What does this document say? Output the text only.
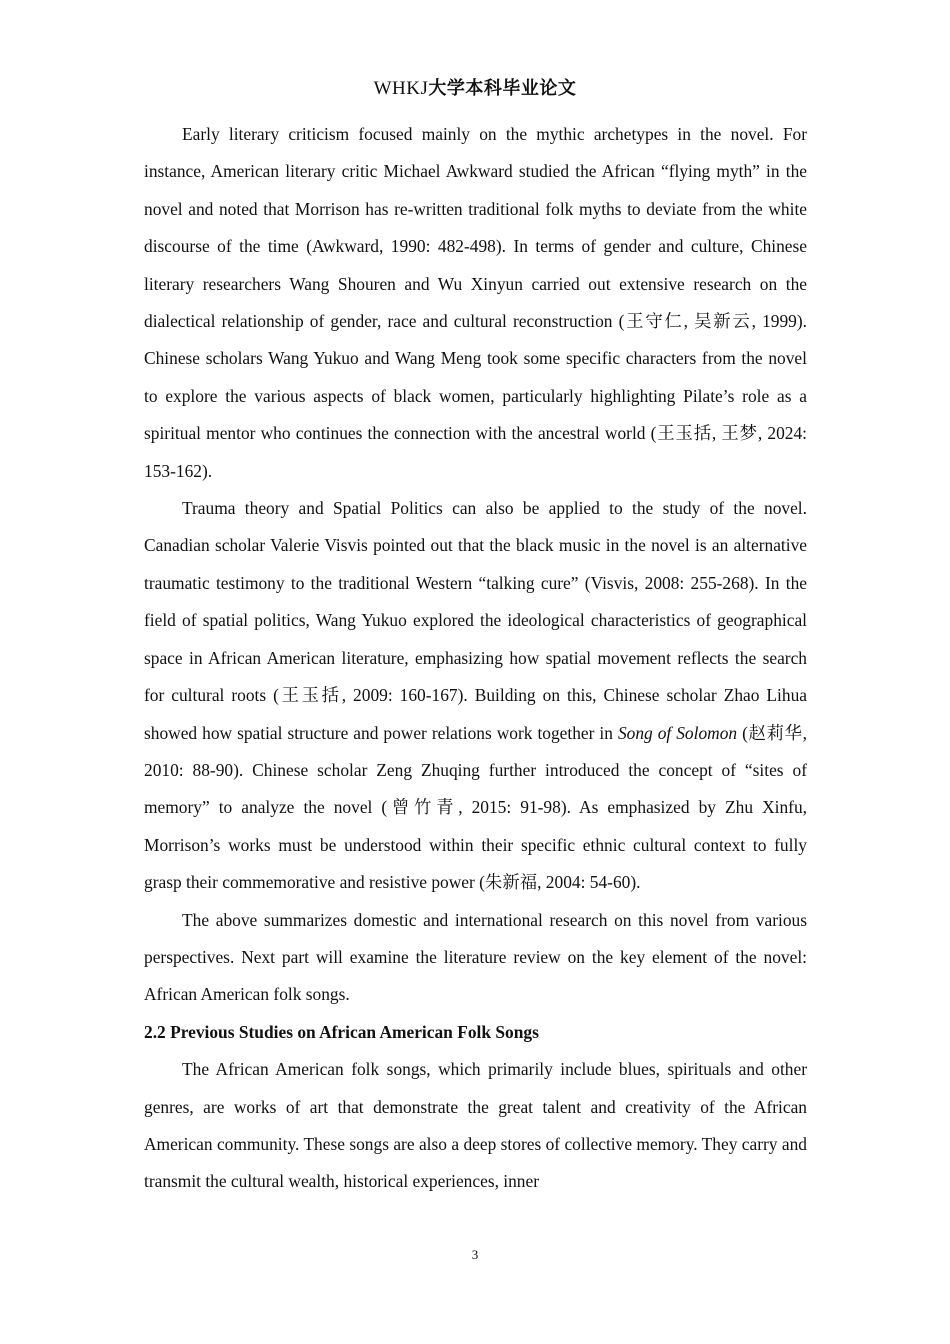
WHKJ大学本科毕业论文

Early literary criticism focused mainly on the mythic archetypes in the novel. For instance, American literary critic Michael Awkward studied the African “flying myth” in the novel and noted that Morrison has re-written traditional folk myths to deviate from the white discourse of the time (Awkward, 1990: 482-498). In terms of gender and culture, Chinese literary researchers Wang Shouren and Wu Xinyun carried out extensive research on the dialectical relationship of gender, race and cultural reconstruction (王守仁, 吴新云, 1999). Chinese scholars Wang Yukuo and Wang Meng took some specific characters from the novel to explore the various aspects of black women, particularly highlighting Pilate’s role as a spiritual mentor who continues the connection with the ancestral world (王玉括, 王梦, 2024: 153-162).

Trauma theory and Spatial Politics can also be applied to the study of the novel. Canadian scholar Valerie Visvis pointed out that the black music in the novel is an alternative traumatic testimony to the traditional Western “talking cure” (Visvis, 2008: 255-268). In the field of spatial politics, Wang Yukuo explored the ideological characteristics of geographical space in African American literature, emphasizing how spatial movement reflects the search for cultural roots (王玉括, 2009: 160-167). Building on this, Chinese scholar Zhao Lihua showed how spatial structure and power relations work together in Song of Solomon (赵莉华, 2010: 88-90). Chinese scholar Zeng Zhuqing further introduced the concept of “sites of memory” to analyze the novel (曾竹青, 2015: 91-98). As emphasized by Zhu Xinfu, Morrison’s works must be understood within their specific ethnic cultural context to fully grasp their commemorative and resistive power (朱新福, 2004: 54-60).

The above summarizes domestic and international research on this novel from various perspectives. Next part will examine the literature review on the key element of the novel: African American folk songs.

2.2 Previous Studies on African American Folk Songs

The African American folk songs, which primarily include blues, spirituals and other genres, are works of art that demonstrate the great talent and creativity of the African American community. These songs are also a deep stores of collective memory. They carry and transmit the cultural wealth, historical experiences, inner

3
